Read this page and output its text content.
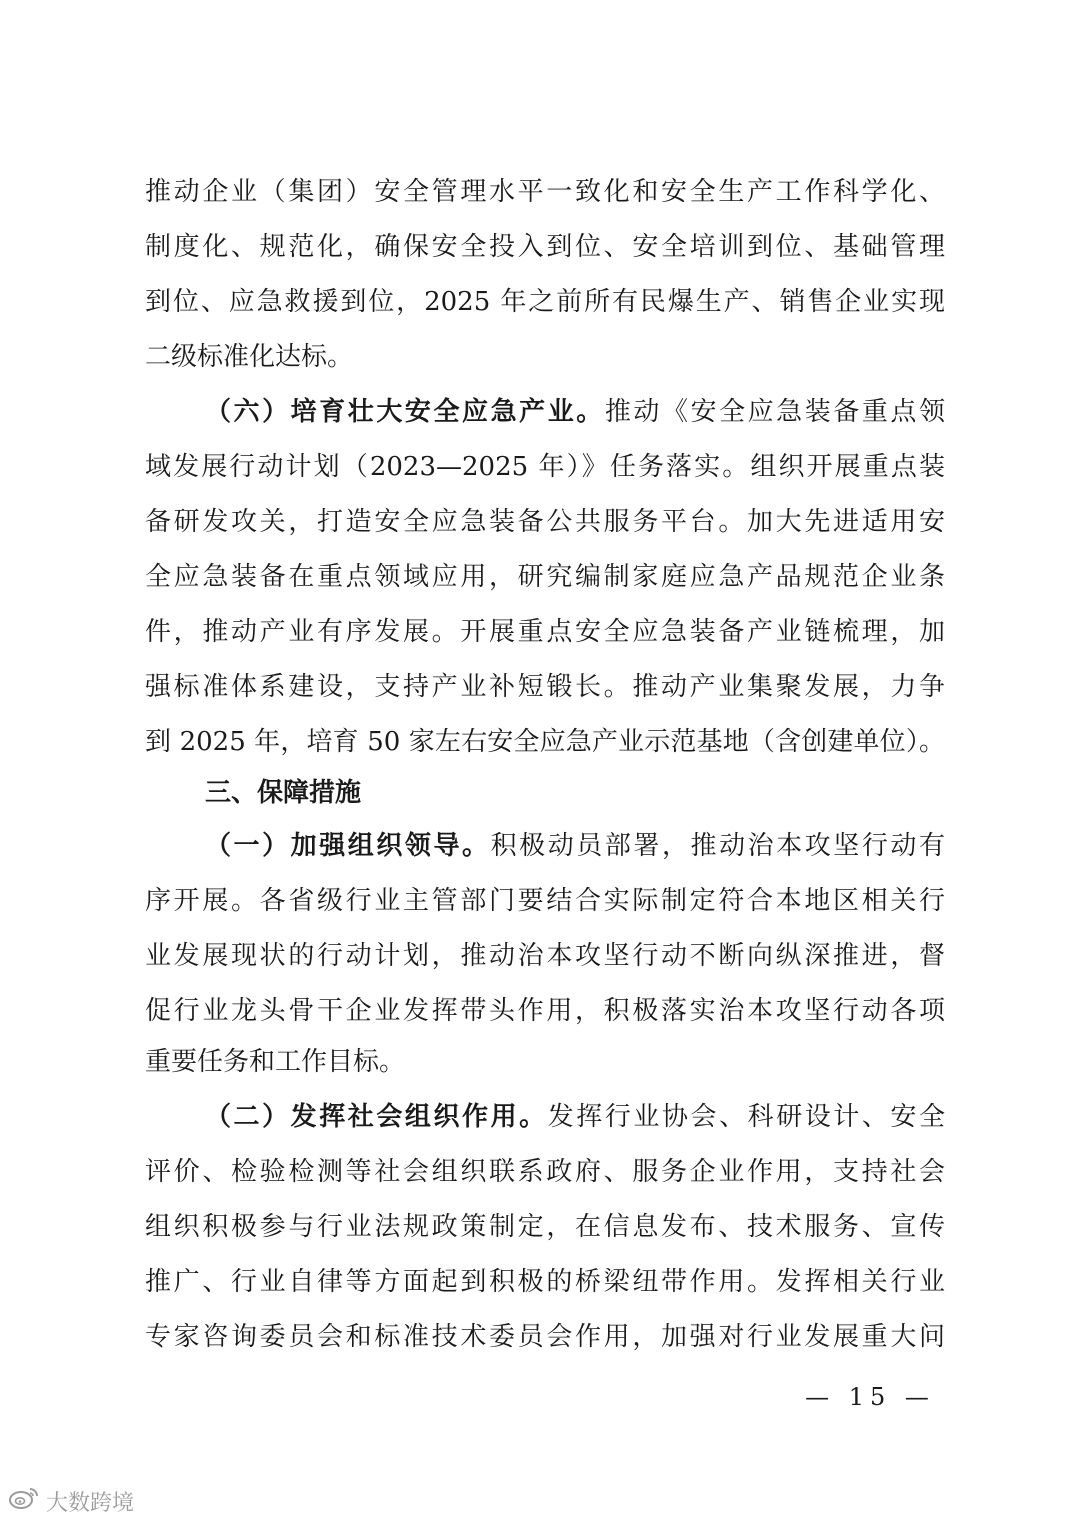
推动企业（集团）安全管理水平一致化和安全生产工作科学化、
制度化、规范化，确保安全投入到位、安全培训到位、基础管理
到位、应急救援到位，2025 年之前所有民爆生产、销售企业实现
二级标准化达标。
（六）培育壮大安全应急产业。推动《安全应急装备重点领
域发展行动计划（2023—2025 年）》任务落实。组织开展重点装
备研发攻关，打造安全应急装备公共服务平台。加大先进适用安
全应急装备在重点领域应用，研究编制家庭应急产品规范企业条
件，推动产业有序发展。开展重点安全应急装备产业链梳理，加
强标准体系建设，支持产业补短锻长。推动产业集聚发展，力争
到 2025 年，培育 50 家左右安全应急产业示范基地（含创建单位）。
三、保障措施
（一）加强组织领导。积极动员部署，推动治本攻坚行动有
序开展。各省级行业主管部门要结合实际制定符合本地区相关行
业发展现状的行动计划，推动治本攻坚行动不断向纵深推进，督
促行业龙头骨干企业发挥带头作用，积极落实治本攻坚行动各项
重要任务和工作目标。
（二）发挥社会组织作用。发挥行业协会、科研设计、安全
评价、检验检测等社会组织联系政府、服务企业作用，支持社会
组织积极参与行业法规政策制定，在信息发布、技术服务、宣传
推广、行业自律等方面起到积极的桥梁纽带作用。发挥相关行业
专家咨询委员会和标准技术委员会作用，加强对行业发展重大问
— 15 —
大数跨境
